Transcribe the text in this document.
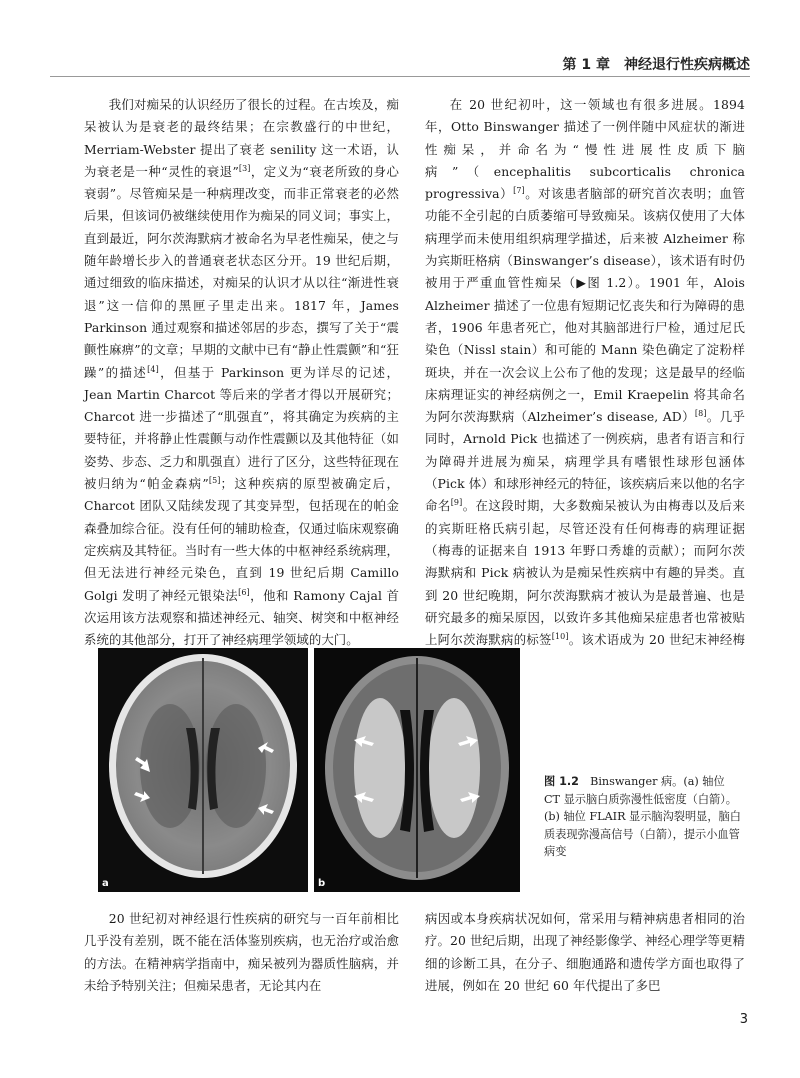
第 1 章　神经退行性疾病概述

我们对痴呆的认识经历了很长的过程。在古埃及，痴呆被认为是衰老的最终结果；在宗教盛行的中世纪，Merriam-Webster 提出了衰老 senility 这一术语，认为衰老是一种“灵性的衰退”[3]，定义为“衰老所致的身心衰弱”。尽管痴呆是一种病理改变，而非正常衰老的必然后果，但该词仍被继续使用作为痴呆的同义词；事实上，直到最近，阿尔茨海默病才被命名为早老性痴呆，使之与随年龄增长步入的普通衰老状态区分开。19 世纪后期，通过细致的临床描述，对痴呆的认识才从以往“渐进性衰退”这一信仰的黑匣子里走出来。1817 年，James Parkinson 通过观察和描述邻居的步态，撰写了关于“震颤性麻痹”的文章；早期的文献中已有“静止性震颤”和“狂躁”的描述[4]，但基于 Parkinson 更为详尽的记述，Jean Martin Charcot 等后来的学者才得以开展研究；Charcot 进一步描述了“肌强直”，将其确定为疾病的主要特征，并将静止性震颤与动作性震颤以及其他特征（如姿势、步态、乏力和肌强直）进行了区分，这些特征现在被归纳为“帕金森病”[5]；这种疾病的原型被确定后，Charcot 团队又陆续发现了其变异型，包括现在的帕金森叠加综合征。没有任何的辅助检查，仅通过临床观察确定疾病及其特征。当时有一些大体的中枢神经系统病理，但无法进行神经元染色，直到 19 世纪后期 Camillo Golgi 发明了神经元银染法[6]，他和 Ramony Cajal 首次运用该方法观察和描述神经元、轴突、树突和中枢神经系统的其他部分，打开了神经病理学领域的大门。

在 20 世纪初叶，这一领域也有很多进展。1894 年，Otto Binswanger 描述了一例伴随中风症状的渐进性痴呆，并命名为“慢性进展性皮质下脑病”（encephalitis subcorticalis chronica progressiva）[7]。对该患者脑部的研究首次表明；血管功能不全引起的白质萎缩可导致痴呆。该病仅使用了大体病理学而未使用组织病理学描述，后来被 Alzheimer 称为宾斯旺格病（Binswanger’s disease），该术语有时仍被用于严重血管性痴呆（▶图 1.2）。1901 年，Alois Alzheimer 描述了一位患有短期记忆丧失和行为障碍的患者，1906 年患者死亡，他对其脑部进行尸检，通过尼氏染色（Nissl stain）和可能的 Mann 染色确定了淀粉样斑块，并在一次会议上公布了他的发现；这是最早的经临床病理证实的神经病例之一，Emil Kraepelin 将其命名为阿尔茨海默病（Alzheimer’s disease, AD）[8]。几乎同时，Arnold Pick 也描述了一例疾病，患者有语言和行为障碍并进展为痴呆，病理学具有嗜银性球形包涵体（Pick 体）和球形神经元的特征，该疾病后来以他的名字命名[9]。在这段时期，大多数痴呆被认为由梅毒以及后来的宾斯旺格氏病引起，尽管还没有任何梅毒的病理证据（梅毒的证据来自 1913 年野口秀雄的贡献）；而阿尔茨海默病和 Pick 病被认为是痴呆性疾病中有趣的异类。直到 20 世纪晚期，阿尔茨海默病才被认为是最普遍、也是研究最多的痴呆原因，以致许多其他痴呆症患者也常被贴上阿尔茨海默病的标签[10]。该术语成为 20 世纪末神经梅

a	b
图 1.2　Binswanger 病。(a) 轴位 CT 显示脑白质弥漫性低密度（白箭）。(b) 轴位 FLAIR 显示脑沟裂明显，脑白质表现弥漫高信号（白箭），提示小血管病变

20 世纪初对神经退行性疾病的研究与一百年前相比几乎没有差别，既不能在活体鉴别疾病，也无治疗或治愈的方法。在精神病学指南中，痴呆被列为器质性脑病，并未给予特别关注；但痴呆患者，无论其内在

病因或本身疾病状况如何，常采用与精神病患者相同的治疗。20 世纪后期，出现了神经影像学、神经心理学等更精细的诊断工具，在分子、细胞通路和遗传学方面也取得了进展，例如在 20 世纪 60 年代提出了多巴

3
